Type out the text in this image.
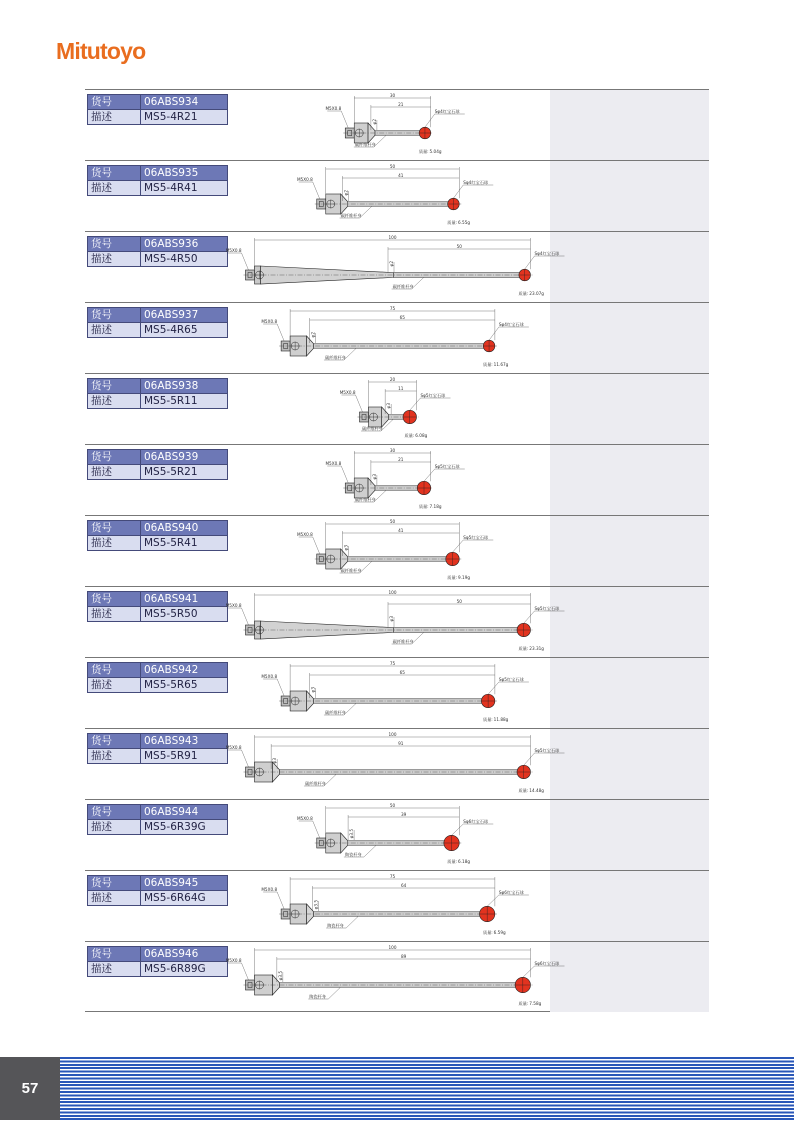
Mitutoyo
货号	06ABS934
描述	MS5-4R21
30
21
φ2
M5X0.8
Sφ4红宝石球
碳纤维杆身
质量:5.04g
货号	06ABS935
描述	MS5-4R41
50
41
φ2
M5X0.8
Sφ4红宝石球
碳纤维杆身
质量:6.55g
货号	06ABS936
描述	MS5-4R50
100
50
φ2
M5X0.8
Sφ4红宝石球
碳纤维杆身
质量:23.07g
货号	06ABS937
描述	MS5-4R65
75
65
φ2
M5X0.8
Sφ4红宝石球
碳纤维杆身
质量:11.67g
货号	06ABS938
描述	MS5-5R11
20
11
φ3
M5X0.8
Sφ5红宝石球
碳纤维杆身
质量:6.08g
货号	06ABS939
描述	MS5-5R21
30
21
φ3
M5X0.8
Sφ5红宝石球
碳纤维杆身
质量:7.18g
货号	06ABS940
描述	MS5-5R41
50
41
φ3
M5X0.8
Sφ5红宝石球
碳纤维杆身
质量:9.19g
货号	06ABS941
描述	MS5-5R50
100
50
φ3
M5X0.8
Sφ5红宝石球
碳纤维杆身
质量:23.31g
货号	06ABS942
描述	MS5-5R65
75
65
φ3
M5X0.8
Sφ5红宝石球
碳纤维杆身
质量:11.88g
货号	06ABS943
描述	MS5-5R91
100
91
φ3
M5X0.8
Sφ5红宝石球
碳纤维杆身
质量:14.48g
货号	06ABS944
描述	MS5-6R39G
50
39
φ3.5
M5X0.8
Sφ6红宝石球
陶瓷杆身
质量:6.18g
货号	06ABS945
描述	MS5-6R64G
75
64
φ3.5
M5X0.8
Sφ6红宝石球
陶瓷杆身
质量:6.59g
货号	06ABS946
描述	MS5-6R89G
100
89
φ3.5
M5X0.8
Sφ6红宝石球
陶瓷杆身
质量:7.58g
57
